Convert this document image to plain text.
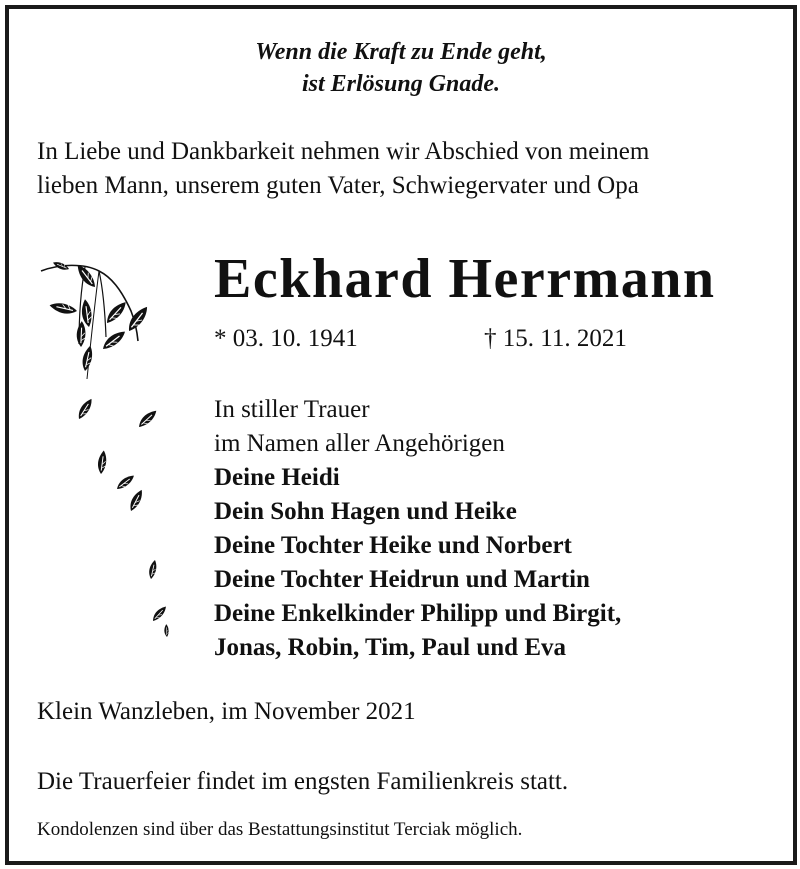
Wenn die Kraft zu Ende geht,
ist Erlösung Gnade.
In Liebe und Dankbarkeit nehmen wir Abschied von meinem
lieben Mann, unserem guten Vater, Schwiegervater und Opa
Eckhard Herrmann
* 03. 10. 1941	† 15. 11. 2021
In stiller Trauer
im Namen aller Angehörigen
Deine Heidi
Dein Sohn Hagen und Heike
Deine Tochter Heike und Norbert
Deine Tochter Heidrun und Martin
Deine Enkelkinder Philipp und Birgit,
Jonas, Robin, Tim, Paul und Eva
Klein Wanzleben, im November 2021
Die Trauerfeier findet im engsten Familienkreis statt.
Kondolenzen sind über das Bestattungsinstitut Terciak möglich.
